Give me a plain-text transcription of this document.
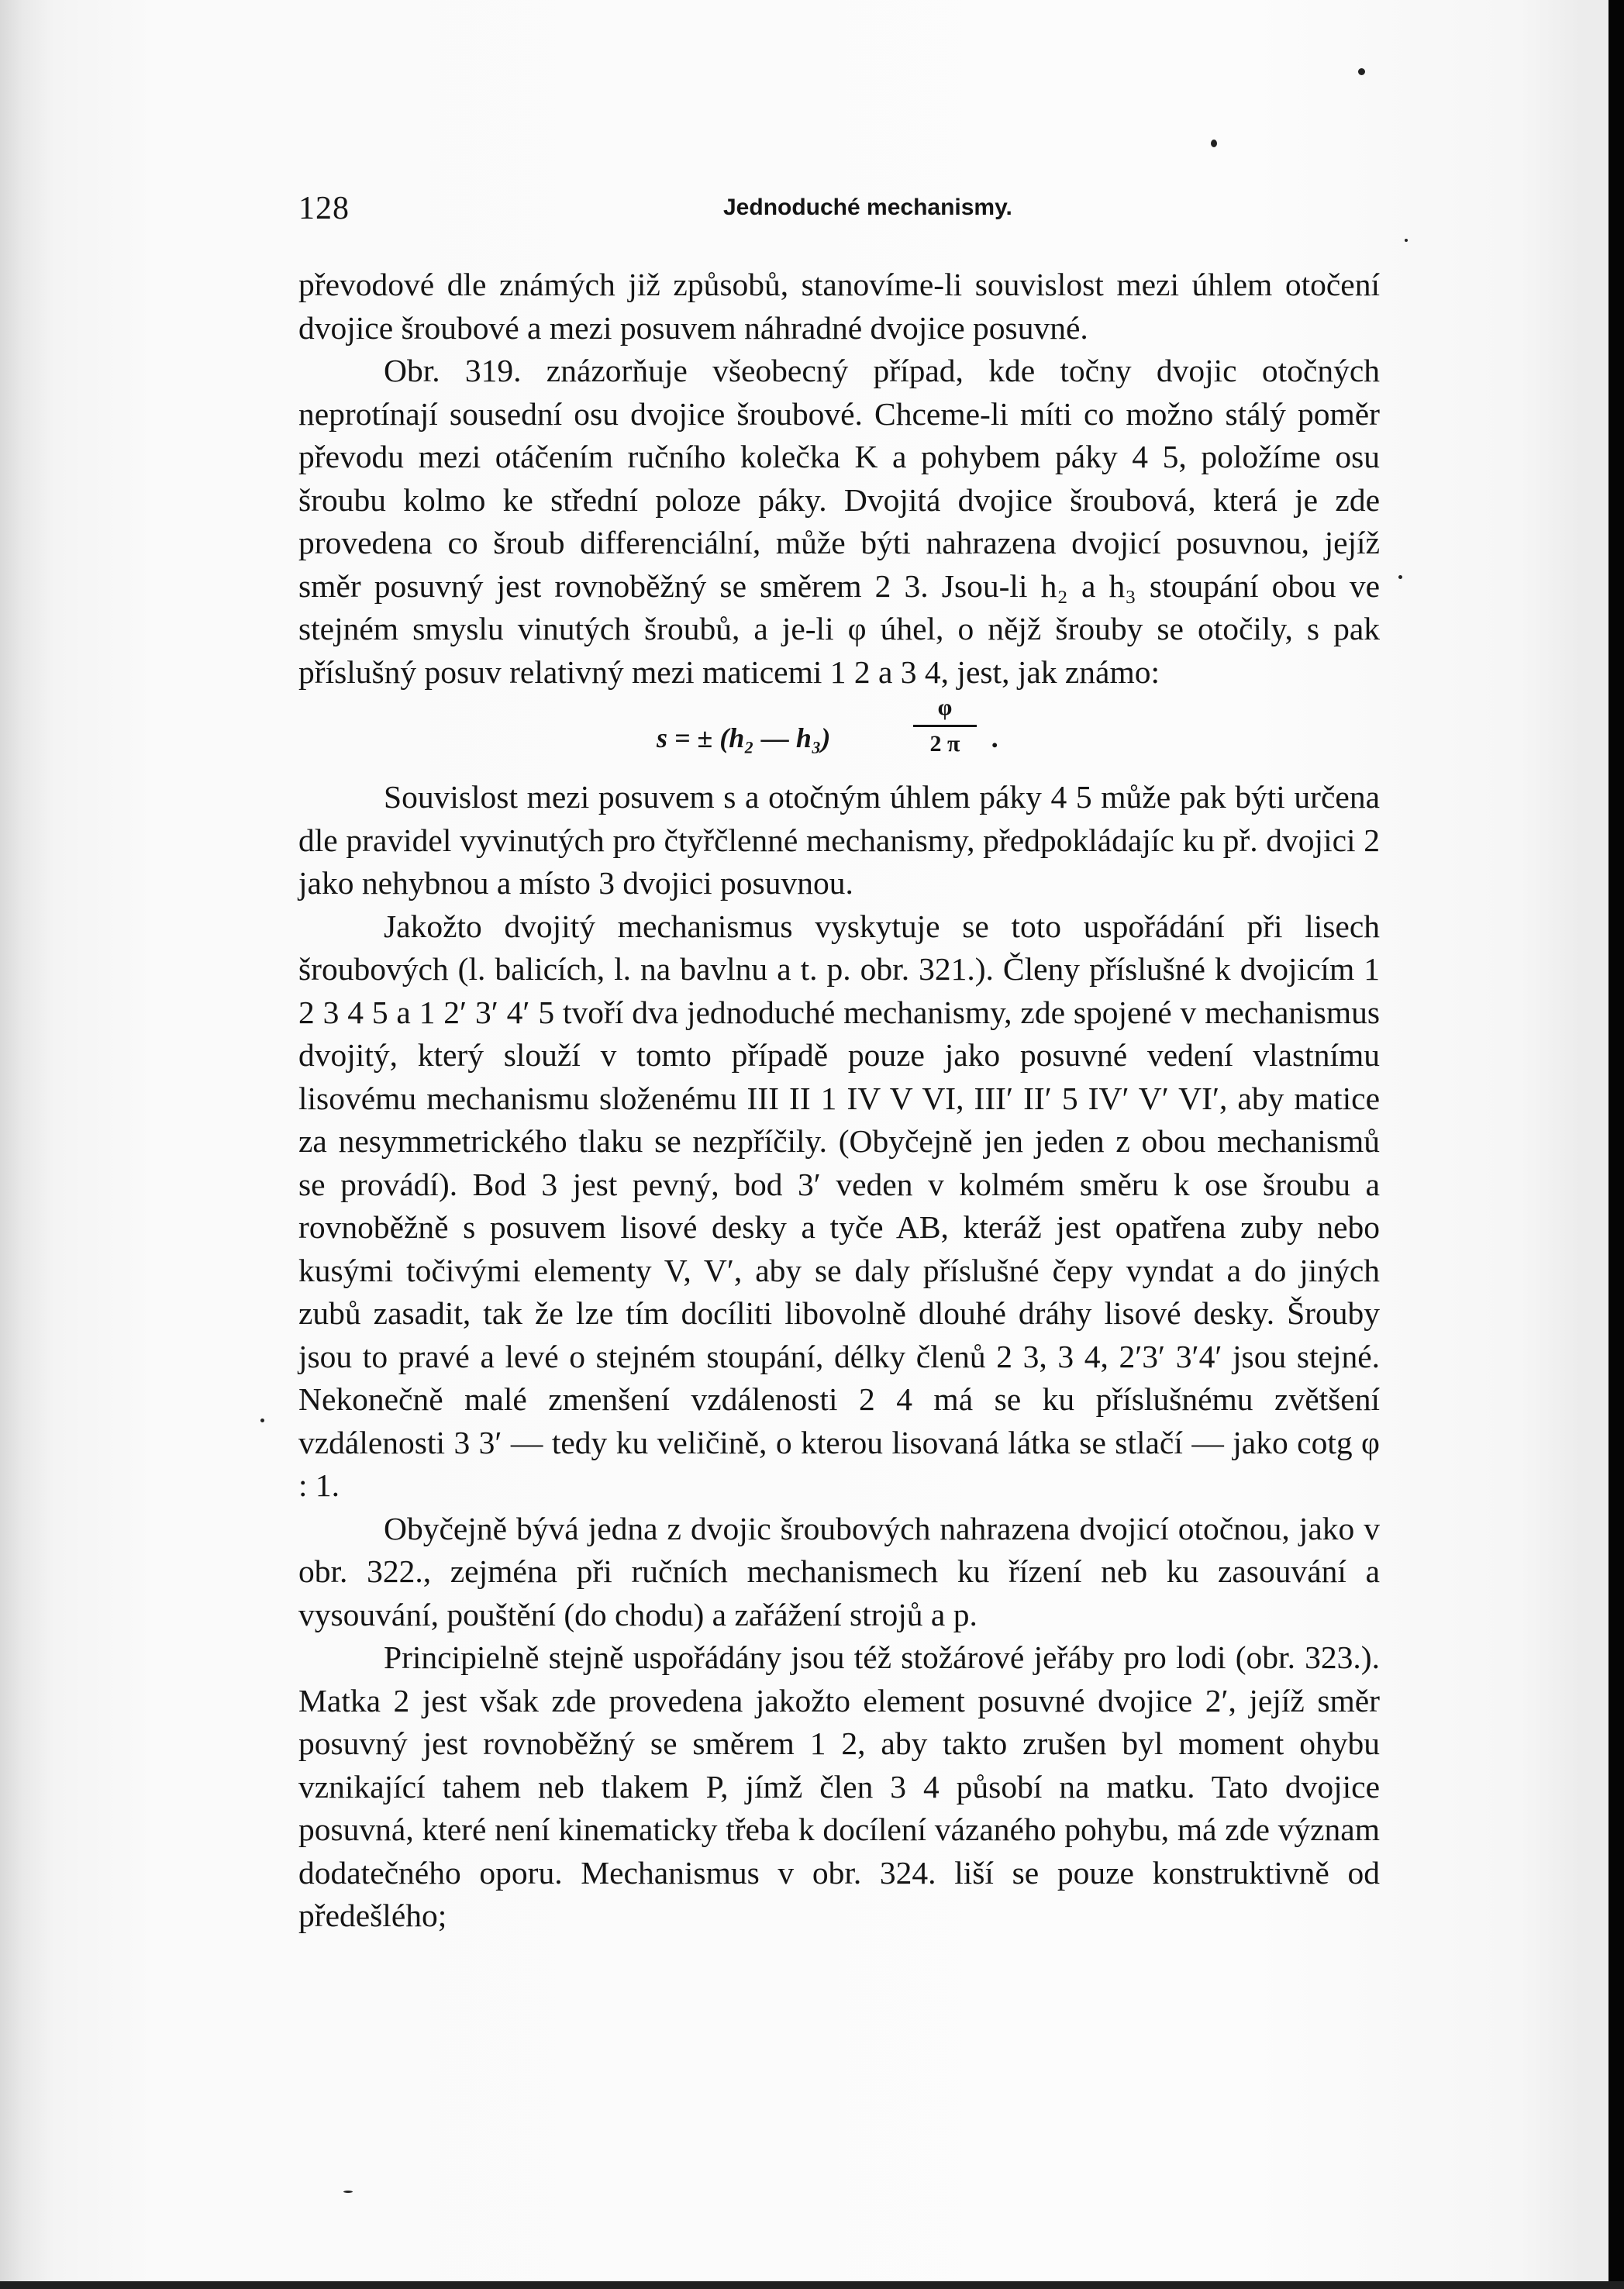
128	Jednoduché mechanismy.

převodové dle známých již způsobů, stanovíme-li souvislost mezi úhlem otočení dvojice šroubové a mezi posuvem náhradné dvojice posuvné.

Obr. 319. znázorňuje všeobecný případ, kde točny dvojic otočných neprotínají sousední osu dvojice šroubové. Chceme-li míti co možno stálý poměr převodu mezi otáčením ručního kolečka K a pohybem páky 4 5, položíme osu šroubu kolmo ke střední poloze páky. Dvojitá dvojice šroubová, která je zde provedena co šroub differenciální, může býti nahrazena dvojicí posuvnou, jejíž směr posuvný jest rovnoběžný se směrem 2 3. Jsou-li h₂ a h₃ stoupání obou ve stejném smyslu vinutých šroubů, a je-li φ úhel, o nějž šrouby se otočily, s pak příslušný posuv relativný mezi maticemi 1 2 a 3 4, jest, jak známo:

s = ± (h₂ — h₃)
φ
2 π	.

Souvislost mezi posuvem s a otočným úhlem páky 4 5 může pak býti určena dle pravidel vyvinutých pro čtyřčlenné mechanismy, předpokládajíc ku př. dvojici 2 jako nehybnou a místo 3 dvojici posuvnou.

Jakožto dvojitý mechanismus vyskytuje se toto uspořádání při lisech šroubových (l. balicích, l. na bavlnu a t. p. obr. 321.). Členy příslušné k dvojicím 1 2 3 4 5 a 1 2′ 3′ 4′ 5 tvoří dva jednoduché mechanismy, zde spojené v mechanismus dvojitý, který slouží v tomto případě pouze jako posuvné vedení vlastnímu lisovému mechanismu složenému III II 1 IV V VI, III′ II′ 5 IV′ V′ VI′, aby matice za nesymmetrického tlaku se nezpříčily. (Obyčejně jen jeden z obou mechanismů se provádí). Bod 3 jest pevný, bod 3′ veden v kolmém směru k ose šroubu a rovnoběžně s posuvem lisové desky a tyče AB, kteráž jest opatřena zuby nebo kusými točivými elementy V, V′, aby se daly příslušné čepy vyndat a do jiných zubů zasadit, tak že lze tím docíliti libovolně dlouhé dráhy lisové desky. Šrouby jsou to pravé a levé o stejném stoupání, délky členů 2 3, 3 4, 2′3′ 3′4′ jsou stejné. Nekonečně malé zmenšení vzdálenosti 2 4 má se ku příslušnému zvětšení vzdálenosti 3 3′ — tedy ku veličině, o kterou lisovaná látka se stlačí — jako cotg φ : 1.

Obyčejně bývá jedna z dvojic šroubových nahrazena dvojicí otočnou, jako v obr. 322., zejména při ručních mechanismech ku řízení neb ku zasouvání a vysouvání, pouštění (do chodu) a zařážení strojů a p.

Principielně stejně uspořádány jsou též stožárové jeřáby pro lodi (obr. 323.). Matka 2 jest však zde provedena jakožto element posuvné dvojice 2′, jejíž směr posuvný jest rovnoběžný se směrem 1 2, aby takto zrušen byl moment ohybu vznikající tahem neb tlakem P, jímž člen 3 4 působí na matku. Tato dvojice posuvná, které není kinematicky třeba k docílení vázaného pohybu, má zde význam dodatečného oporu. Mechanismus v obr. 324. liší se pouze konstruktivně od předešlého;
